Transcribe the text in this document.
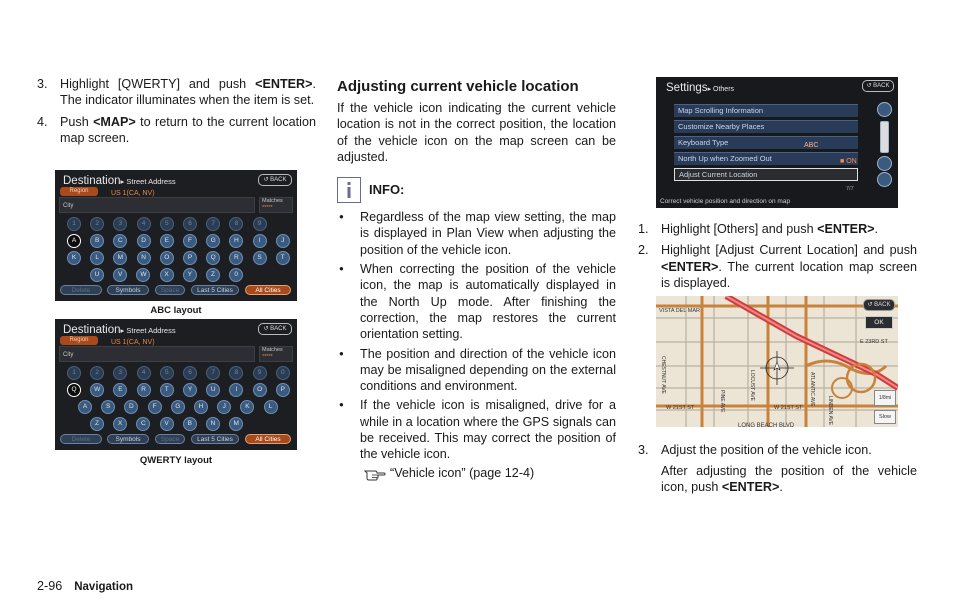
3. Highlight [QWERTY] and push <ENTER>. The indicator illuminates when the item is set.
4. Push <MAP> to return to the current location map screen.
Destination▸ Street Address	↺ BACK
Region	US 1(CA, NV)
City
Matches
*****
1	2	3	4	5	6	7	8	9
A	B	C	D	E	F	G	H	I	J
K	L	M	N	O	P	Q	R	S	T
U	V	W	X	Y	Z	0
Delete	Symbols	Space	Last 5 Cities	All Cities
ABC layout
Destination▸ Street Address	↺ BACK
Region	US 1(CA, NV)
City
Matches
*****
1	2	3	4	5	6	7	8	9	0
Q	W	E	R	T	Y	U	I	O	P
A	S	D	F	G	H	J	K	L
Z	X	C	V	B	N	M
Delete	Symbols	Space	Last 5 Cities	All Cities
QWERTY layout
Adjusting current vehicle location

If the vehicle icon indicating the current vehicle location is not in the correct position, the location of the vehicle icon on the map screen can be adjusted.

INFO:
● Regardless of the map view setting, the map is displayed in Plan View when adjusting the position of the vehicle icon.
● When correcting the position of the vehicle icon, the map is automatically displayed in the North Up mode. After finishing the correction, the map restores the current orientation setting.
● The position and direction of the vehicle icon may be misaligned depending on the external conditions and environment.
● If the vehicle icon is misaligned, drive for a while in a location where the GPS signals can be received. This may correct the position of the vehicle icon.
“Vehicle icon” (page 12-4)
Settings▸ Others	↺ BACK
Map Scrolling Information
Customize Nearby Places
Keyboard Type	ABC
North Up when Zoomed Out	■ ON
Adjust Current Location
7/7
Correct vehicle position and direction on map
1. Highlight [Others] and push <ENTER>.
2. Highlight [Adjust Current Location] and push <ENTER>. The current location map screen is displayed.
VISTA DEL MAR
E 23RD ST
W 21ST ST	W 21ST ST
LONG BEACH BLVD
CHESTNUT AVE
PINE AVE
LOCUST AVE	ATLANTIC AVE
LINDEN AVE
↺ BACK
OK
1/8mi
Slow
3. Adjust the position of the vehicle icon.

After adjusting the position of the vehicle icon, push <ENTER>.

2-96 Navigation
